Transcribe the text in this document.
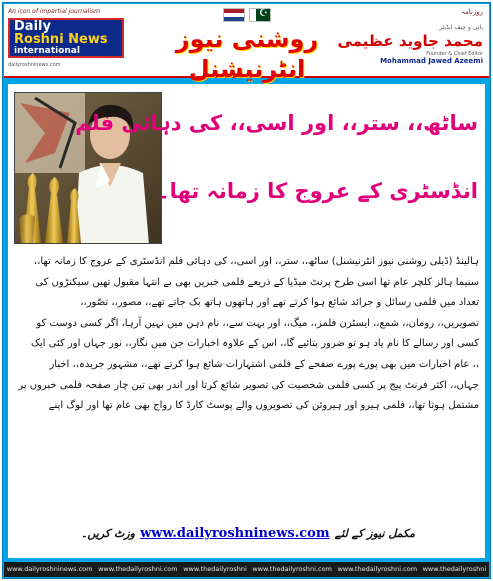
An icon of impartial journalism
Daily
Roshni News
international
dailyroshninews.com
☪
روشنی نیوز انٹرنیشنل
روزنامہ
بانی و چیف ایڈیٹر
محمد جاوید عظیمی
Founder & Chief Editor
Mohammad Jawed Azeemi
ساٹھ،، ستر،، اور اسی،، کی دہائی فلم
انڈسٹری کے عروج کا زمانہ تھا۔
ہالینڈ (ڈیلی روشنی نیوز انٹرنیشنل) ساٹھ،، ستر،، اور اسی،، کی دہائی فلم انڈسٹری کے عروج کا زمانہ تھا،،
سنیما ہالز کلچر عام تھا اسی طرح پرنٹ میڈیا کے ذریعے فلمی خبریں بھی بے انتہا مقبول تھیں سیکنڑوں کی
تعداد میں فلمی رسائل و جرائد شائع ہوا کرتے تھے اور ہاتھوں ہاتھ بک جاتے تھے،، مصور،، تصّور،،
تصویریں،، رومان،، شمع،، ایسٹرن فلمز،، میگ،، اور بہت سے،، نام ذہن میں نہیں آرہا، اگر کسی دوست کو
کسی اور رسالے کا نام یاد ہو تو ضرور بتائیے گا،، اس کے علاوہ اخبارات جن میں نگار،، نور جہاں اور کئی ایک
،، عام اخبارات میں بھی پورے پورے صفحے کے فلمی اشتہارات شائع ہوا کرتے تھے،، مشہور جریدہ،، اخبار
جہاں،، اکثر فرنٹ پیج پر کسی فلمی شخصیت کی تصویر شائع کرتا اور اندر بھی تین چار صفحہ فلمی خبروں پر
مشتمل ہوتا تھا،، فلمی ہیرو اور ہیروئن کی تصویروں والے پوسٹ کارڈ کا رواج بھی عام تھا اور لوگ اپنے
مکمل نیوز کے لئے www.dailyroshninews.com وزٹ کریں۔
www.dailyroshninews.com www.thedailyroshni.com www.thedailyroshni www.thedailyroshni.com www.thedailyroshni.com www.thedailyroshni
